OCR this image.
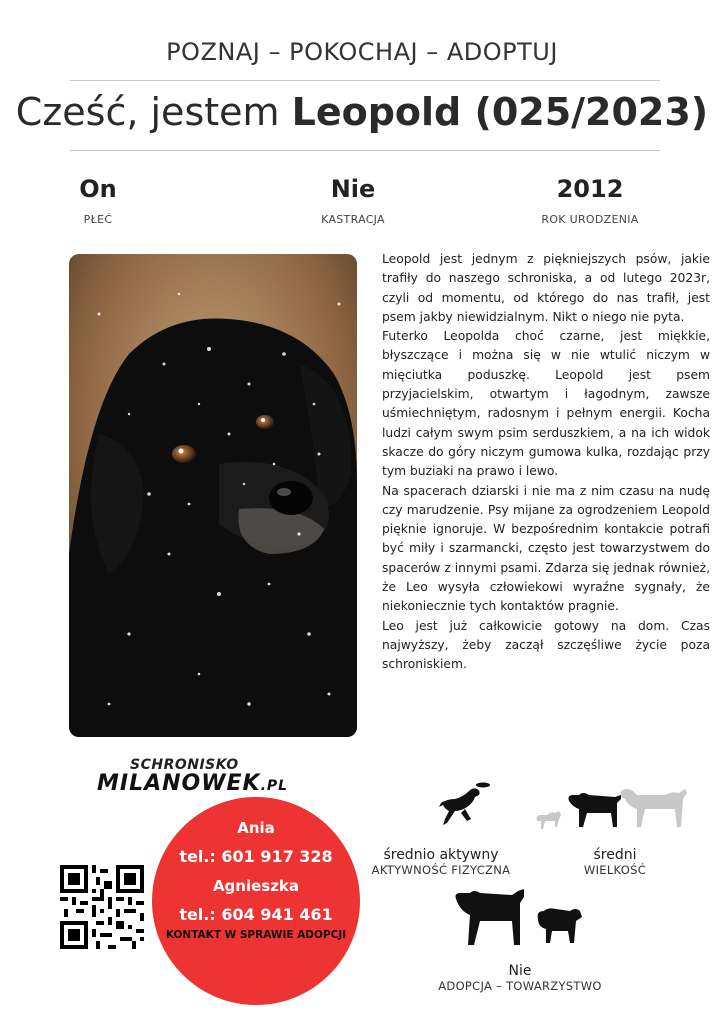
POZNAJ – POKOCHAJ – ADOPTUJ
Cześć, jestem Leopold (025/2023)
On
PŁEĆ
Nie
KASTRACJA
2012
ROK URODZENIA

Leopold jest jednym z piękniejszych psów, jakie trafiły do naszego schroniska, a od lutego 2023r, czyli od momentu, od którego do nas trafił, jest psem jakby niewidzialnym. Nikt o niego nie pyta.

Futerko Leopolda choć czarne, jest miękkie, błyszczące i można się w nie wtulić niczym w mięciutka poduszkę. Leopold jest psem przyjacielskim, otwartym i łagodnym, zawsze uśmiechniętym, radosnym i pełnym energii. Kocha ludzi całym swym psim serduszkiem, a na ich widok skacze do góry niczym gumowa kulka, rozdając przy tym buziaki na prawo i lewo.

Na spacerach dziarski i nie ma z nim czasu na nudę czy marudzenie. Psy mijane za ogrodzeniem Leopold pięknie ignoruje. W bezpośrednim kontakcie potrafi być miły i szarmancki, często jest towarzystwem do spacerów z innymi psami. Zdarza się jednak również, że Leo wysyła człowiekowi wyraźne sygnały, że niekoniecznie tych kontaktów pragnie.

Leo jest już całkowicie gotowy na dom. Czas najwyższy, żeby zaczął szczęśliwe życie poza schroniskiem.

SCHRONISKO
MILANOWEK.PL
Ania
tel.: 601 917 328
Agnieszka
tel.: 604 941 461
KONTAKT W SPRAWIE ADOPCJI
średnio aktywny
AKTYWNOŚĆ FIZYCZNA
średni
WIELKOŚĆ
Nie
ADOPCJA – TOWARZYSTWO
